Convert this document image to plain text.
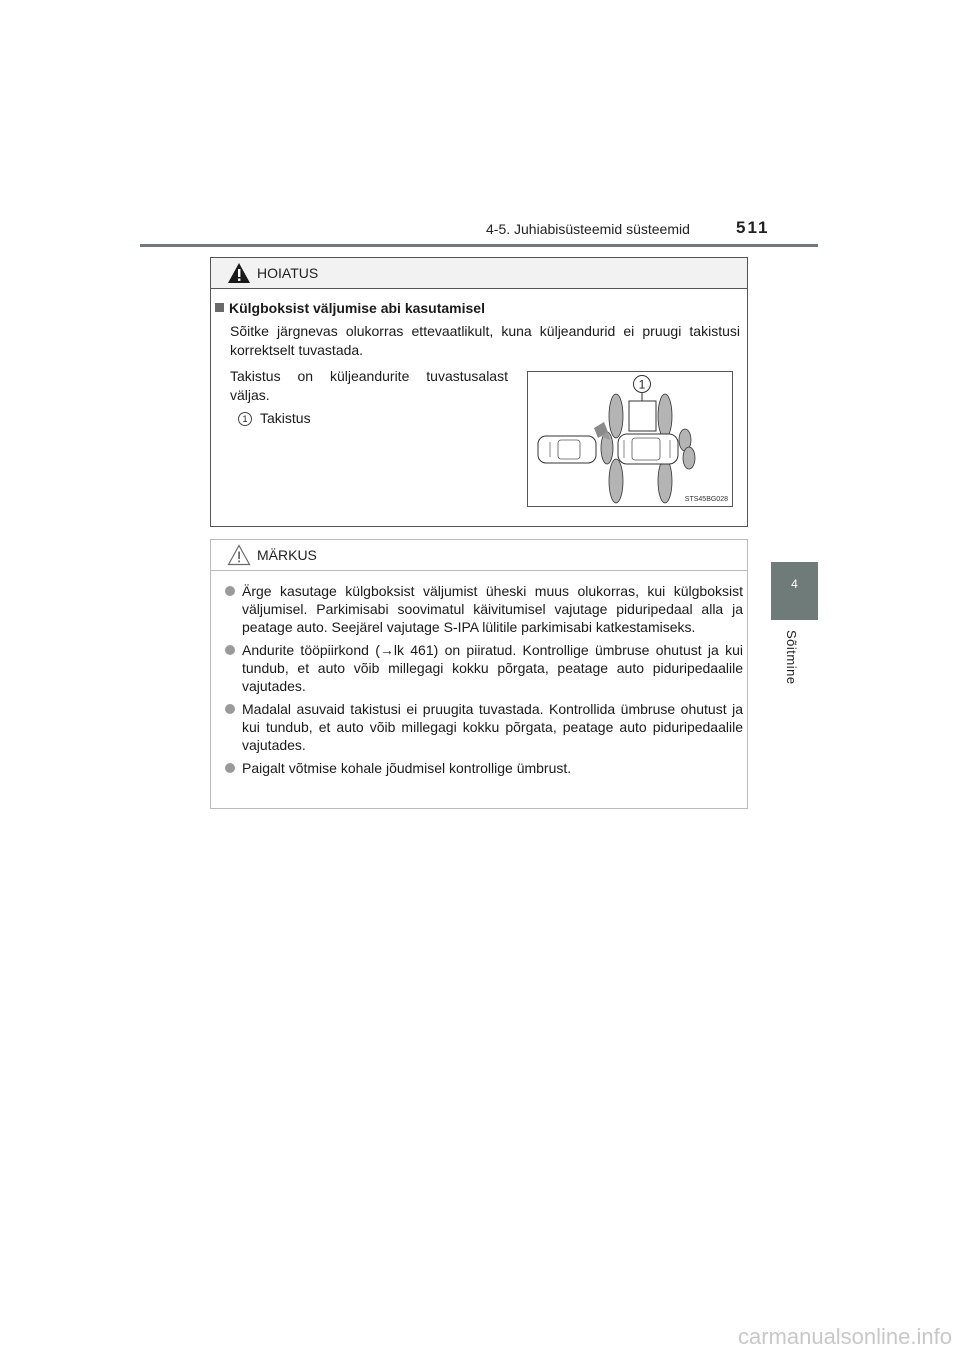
4-5. Juhiabisüsteemid süsteemid	511
4
Sõitmine
HOIATUS
Külgboksist väljumise abi kasutamisel
Sõitke järgnevas olukorras ettevaatlikult, kuna küljeandurid ei pruugi takistusi korrektselt tuvastada.
Takistus on küljeandurite tuvastusalast väljas.
1 Takistus
1
STS45BG028
MÄRKUS
Ärge kasutage külgboksist väljumist üheski muus olukorras, kui külgboksist väljumisel. Parkimisabi soovimatul käivitumisel vajutage piduripedaal alla ja peatage auto. Seejärel vajutage S-IPA lülitile parkimisabi katkestamiseks.
Andurite tööpiirkond (→lk 461) on piiratud. Kontrollige ümbruse ohutust ja kui tundub, et auto võib millegagi kokku põrgata, peatage auto piduripedaalile vajutades.
Madalal asuvaid takistusi ei pruugita tuvastada. Kontrollida ümbruse ohutust ja kui tundub, et auto võib millegagi kokku põrgata, peatage auto piduripedaalile vajutades.
Paigalt võtmise kohale jõudmisel kontrollige ümbrust.
carmanualsonline.info
